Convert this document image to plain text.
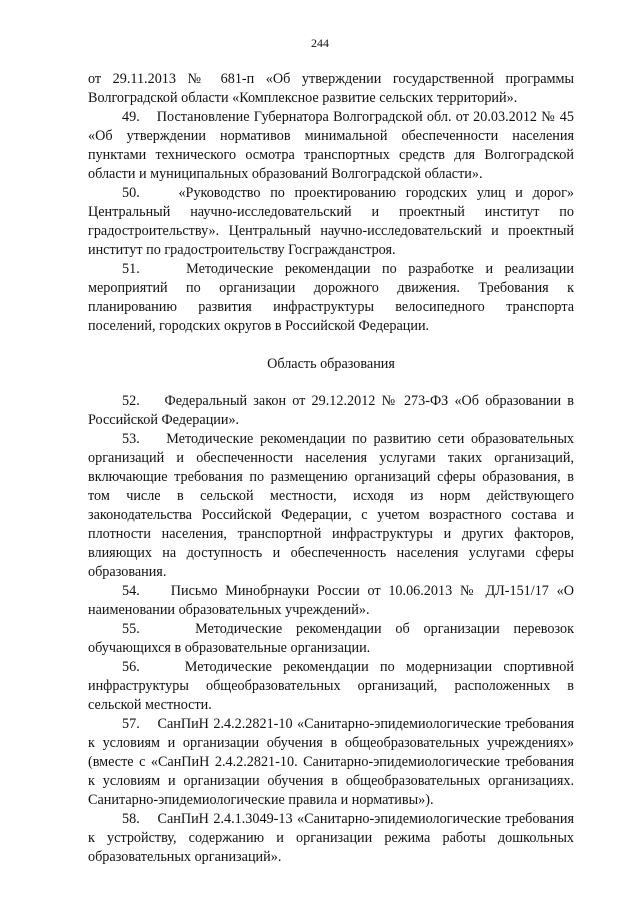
244

от 29.11.2013 № 681-п «Об утверждении государственной программы Волгоградской области «Комплексное развитие сельских территорий».

49.    Постановление Губернатора Волгоградской обл. от 20.03.2012 № 45 «Об утверждении нормативов минимальной обеспеченности населения пунктами технического осмотра транспортных средств для Волгоградской области и муниципальных образований Волгоградской области».

50.    «Руководство по проектированию городских улиц и дорог» Центральный научно-исследовательский и проектный институт по градостроительству». Центральный научно-исследовательский и проектный институт по градостроительству Госгражданстроя.

51.    Методические рекомендации по разработке и реализации мероприятий по организации дорожного движения. Требования к планированию развития инфраструктуры велосипедного транспорта поселений, городских округов в Российской Федерации.

Область образования

52.    Федеральный закон от 29.12.2012 № 273-ФЗ «Об образовании в Российской Федерации».

53.    Методические рекомендации по развитию сети образовательных организаций и обеспеченности населения услугами таких организаций, включающие требования по размещению организаций сферы образования, в том числе в сельской местности, исходя из норм действующего законодательства Российской Федерации, с учетом возрастного состава и плотности населения, транспортной инфраструктуры и других факторов, влияющих на доступность и обеспеченность населения услугами сферы образования.

54.    Письмо Минобрнауки России от 10.06.2013 № ДЛ-151/17 «О наименовании образовательных учреждений».

55.    Методические рекомендации об организации перевозок обучающихся в образовательные организации.

56.    Методические рекомендации по модернизации спортивной инфраструктуры общеобразовательных организаций, расположенных в сельской местности.

57.    СанПиН 2.4.2.2821-10 «Санитарно-эпидемиологические требования к условиям и организации обучения в общеобразовательных учреждениях» (вместе с «СанПиН 2.4.2.2821-10. Санитарно-эпидемиологические требования к условиям и организации обучения в общеобразовательных организациях. Санитарно-эпидемиологические правила и нормативы»).

58.    СанПиН 2.4.1.3049-13 «Санитарно-эпидемиологические требования к устройству, содержанию и организации режима работы дошкольных образовательных организаций».
